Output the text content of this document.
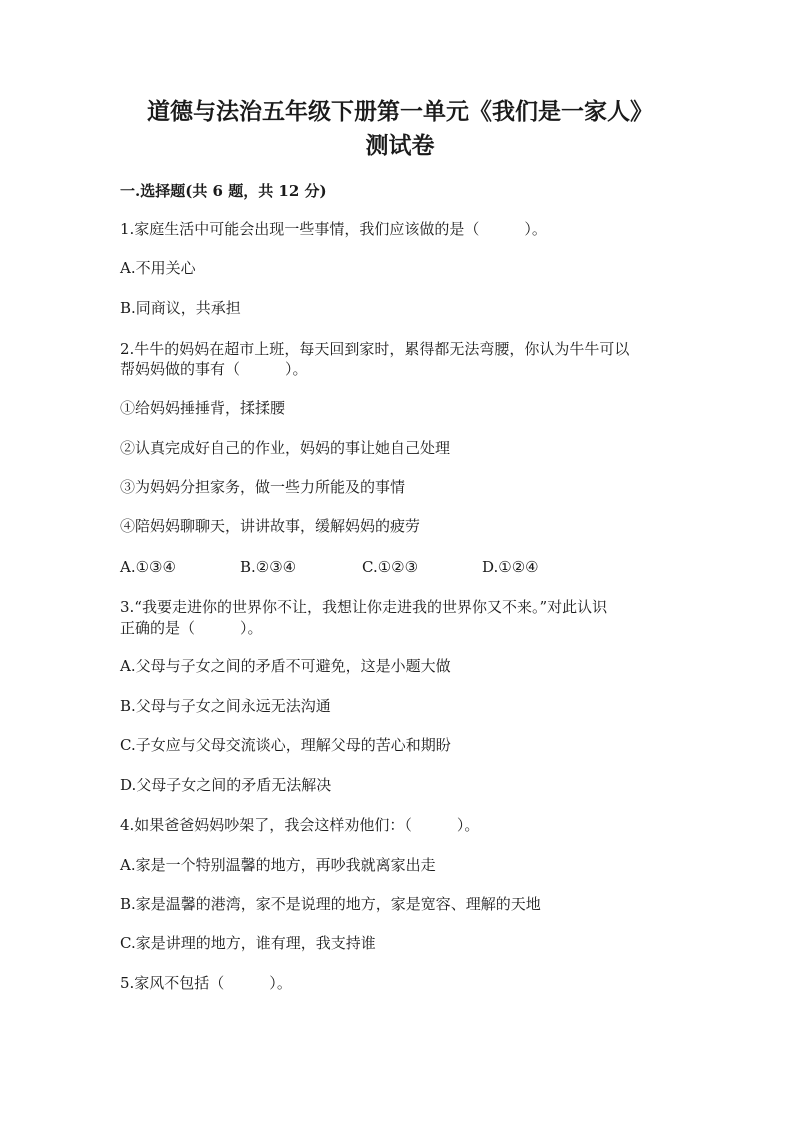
道德与法治五年级下册第一单元《我们是一家人》
测试卷
一.选择题(共 6 题，共 12 分)
1.家庭生活中可能会出现一些事情，我们应该做的是（　　　）。
A.不用关心
B.同商议，共承担
2.牛牛的妈妈在超市上班，每天回到家时，累得都无法弯腰，你认为牛牛可以
帮妈妈做的事有（　　　）。
①给妈妈捶捶背，揉揉腰
②认真完成好自己的作业，妈妈的事让她自己处理
③为妈妈分担家务，做一些力所能及的事情
④陪妈妈聊聊天，讲讲故事，缓解妈妈的疲劳
A.①③④	B.②③④	C.①②③	D.①②④
3.“我要走进你的世界你不让，我想让你走进我的世界你又不来。”对此认识
正确的是（　　　）。
A.父母与子女之间的矛盾不可避免，这是小题大做
B.父母与子女之间永远无法沟通
C.子女应与父母交流谈心，理解父母的苦心和期盼
D.父母子女之间的矛盾无法解决
4.如果爸爸妈妈吵架了，我会这样劝他们：（　　　）。
A.家是一个特别温馨的地方，再吵我就离家出走
B.家是温馨的港湾，家不是说理的地方，家是宽容、理解的天地
C.家是讲理的地方，谁有理，我支持谁
5.家风不包括（　　　）。
